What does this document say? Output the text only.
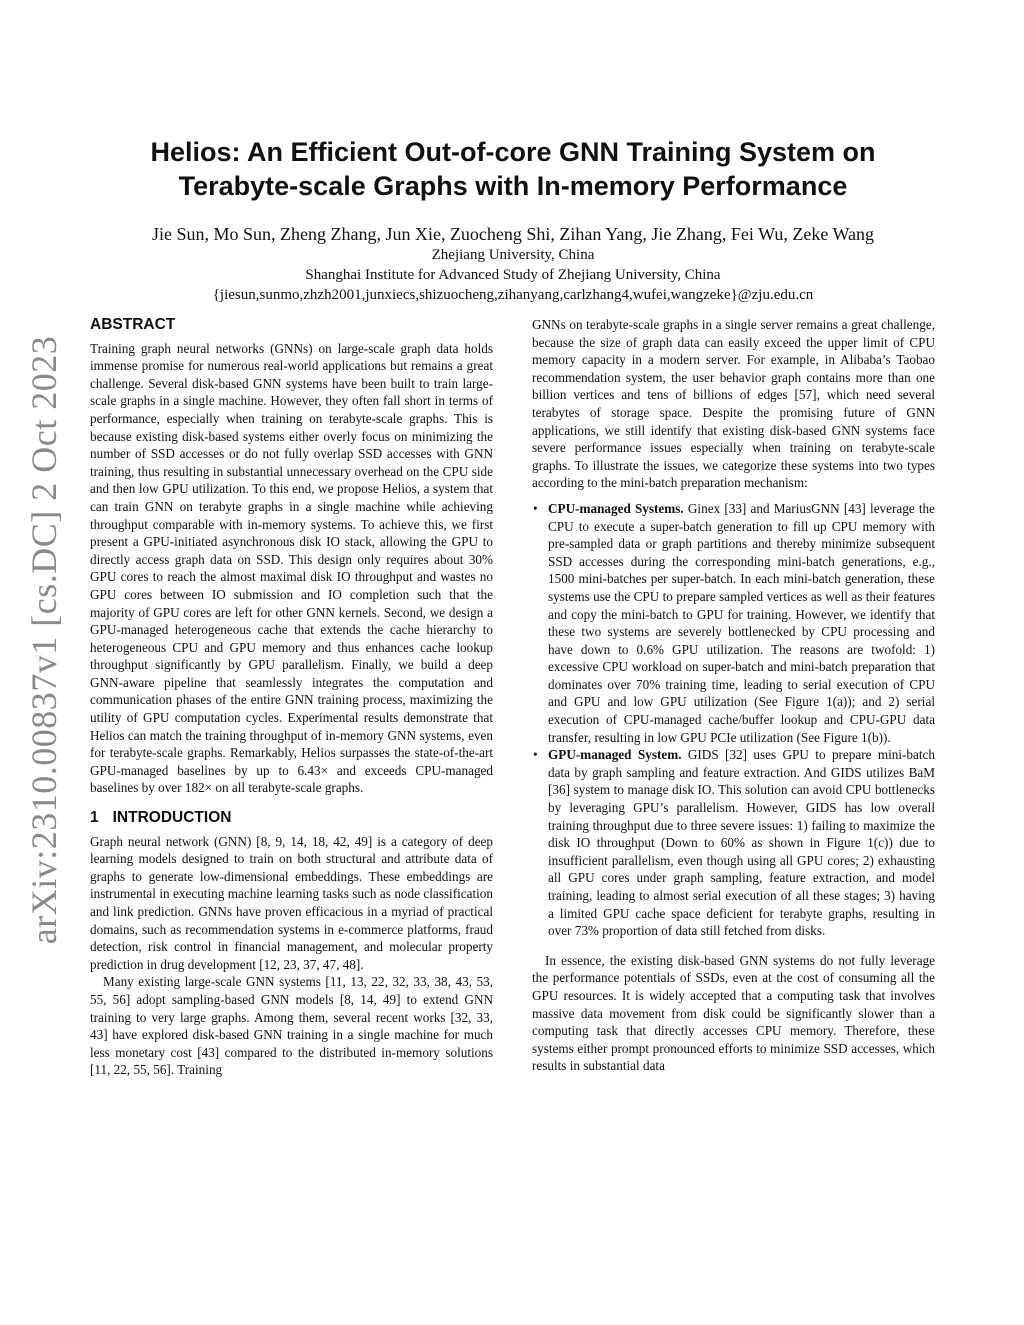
arXiv:2310.00837v1 [cs.DC] 2 Oct 2023
Helios: An Efficient Out-of-core GNN Training System on
Terabyte-scale Graphs with In-memory Performance
Jie Sun, Mo Sun, Zheng Zhang, Jun Xie, Zuocheng Shi, Zihan Yang, Jie Zhang, Fei Wu, Zeke Wang
Zhejiang University, China
Shanghai Institute for Advanced Study of Zhejiang University, China
{jiesun,sunmo,zhzh2001,junxiecs,shizuocheng,zihanyang,carlzhang4,wufei,wangzeke}@zju.edu.cn
ABSTRACT

Training graph neural networks (GNNs) on large-scale graph data holds immense promise for numerous real-world applications but remains a great challenge. Several disk-based GNN systems have been built to train large-scale graphs in a single machine. However, they often fall short in terms of performance, especially when training on terabyte-scale graphs. This is because existing disk-based systems either overly focus on minimizing the number of SSD accesses or do not fully overlap SSD accesses with GNN training, thus resulting in substantial unnecessary overhead on the CPU side and then low GPU utilization. To this end, we propose Helios, a system that can train GNN on terabyte graphs in a single machine while achieving throughput comparable with in-memory systems. To achieve this, we first present a GPU-initiated asynchronous disk IO stack, allowing the GPU to directly access graph data on SSD. This design only requires about 30% GPU cores to reach the almost maximal disk IO throughput and wastes no GPU cores between IO submission and IO completion such that the majority of GPU cores are left for other GNN kernels. Second, we design a GPU-managed heterogeneous cache that extends the cache hierarchy to heterogeneous CPU and GPU memory and thus enhances cache lookup throughput significantly by GPU parallelism. Finally, we build a deep GNN-aware pipeline that seamlessly integrates the computation and communication phases of the entire GNN training process, maximizing the utility of GPU computation cycles. Experimental results demonstrate that Helios can match the training throughput of in-memory GNN systems, even for terabyte-scale graphs. Remarkably, Helios surpasses the state-of-the-art GPU-managed baselines by up to 6.43× and exceeds CPU-managed baselines by over 182× on all terabyte-scale graphs.

1 INTRODUCTION

Graph neural network (GNN) [8, 9, 14, 18, 42, 49] is a category of deep learning models designed to train on both structural and attribute data of graphs to generate low-dimensional embeddings. These embeddings are instrumental in executing machine learning tasks such as node classification and link prediction. GNNs have proven efficacious in a myriad of practical domains, such as recommendation systems in e-commerce platforms, fraud detection, risk control in financial management, and molecular property prediction in drug development [12, 23, 37, 47, 48].

Many existing large-scale GNN systems [11, 13, 22, 32, 33, 38, 43, 53, 55, 56] adopt sampling-based GNN models [8, 14, 49] to extend GNN training to very large graphs. Among them, several recent works [32, 33, 43] have explored disk-based GNN training in a single machine for much less monetary cost [43] compared to the distributed in-memory solutions [11, 22, 55, 56]. Training

GNNs on terabyte-scale graphs in a single server remains a great challenge, because the size of graph data can easily exceed the upper limit of CPU memory capacity in a modern server. For example, in Alibaba’s Taobao recommendation system, the user behavior graph contains more than one billion vertices and tens of billions of edges [57], which need several terabytes of storage space. Despite the promising future of GNN applications, we still identify that existing disk-based GNN systems face severe performance issues especially when training on terabyte-scale graphs. To illustrate the issues, we categorize these systems into two types according to the mini-batch preparation mechanism:

• CPU-managed Systems. Ginex [33] and MariusGNN [43] leverage the CPU to execute a super-batch generation to fill up CPU memory with pre-sampled data or graph partitions and thereby minimize subsequent SSD accesses during the corresponding mini-batch generations, e.g., 1500 mini-batches per super-batch. In each mini-batch generation, these systems use the CPU to prepare sampled vertices as well as their features and copy the mini-batch to GPU for training. However, we identify that these two systems are severely bottlenecked by CPU processing and have down to 0.6% GPU utilization. The reasons are twofold: 1) excessive CPU workload on super-batch and mini-batch preparation that dominates over 70% training time, leading to serial execution of CPU and GPU and low GPU utilization (See Figure 1(a)); and 2) serial execution of CPU-managed cache/buffer lookup and CPU-GPU data transfer, resulting in low GPU PCIe utilization (See Figure 1(b)).
• GPU-managed System. GIDS [32] uses GPU to prepare mini-batch data by graph sampling and feature extraction. And GIDS utilizes BaM [36] system to manage disk IO. This solution can avoid CPU bottlenecks by leveraging GPU’s parallelism. However, GIDS has low overall training throughput due to three severe issues: 1) failing to maximize the disk IO throughput (Down to 60% as shown in Figure 1(c)) due to insufficient parallelism, even though using all GPU cores; 2) exhausting all GPU cores under graph sampling, feature extraction, and model training, leading to almost serial execution of all these stages; 3) having a limited GPU cache space deficient for terabyte graphs, resulting in over 73% proportion of data still fetched from disks.

In essence, the existing disk-based GNN systems do not fully leverage the performance potentials of SSDs, even at the cost of consuming all the GPU resources. It is widely accepted that a computing task that involves massive data movement from disk could be significantly slower than a computing task that directly accesses CPU memory. Therefore, these systems either prompt pronounced efforts to minimize SSD accesses, which results in substantial data
